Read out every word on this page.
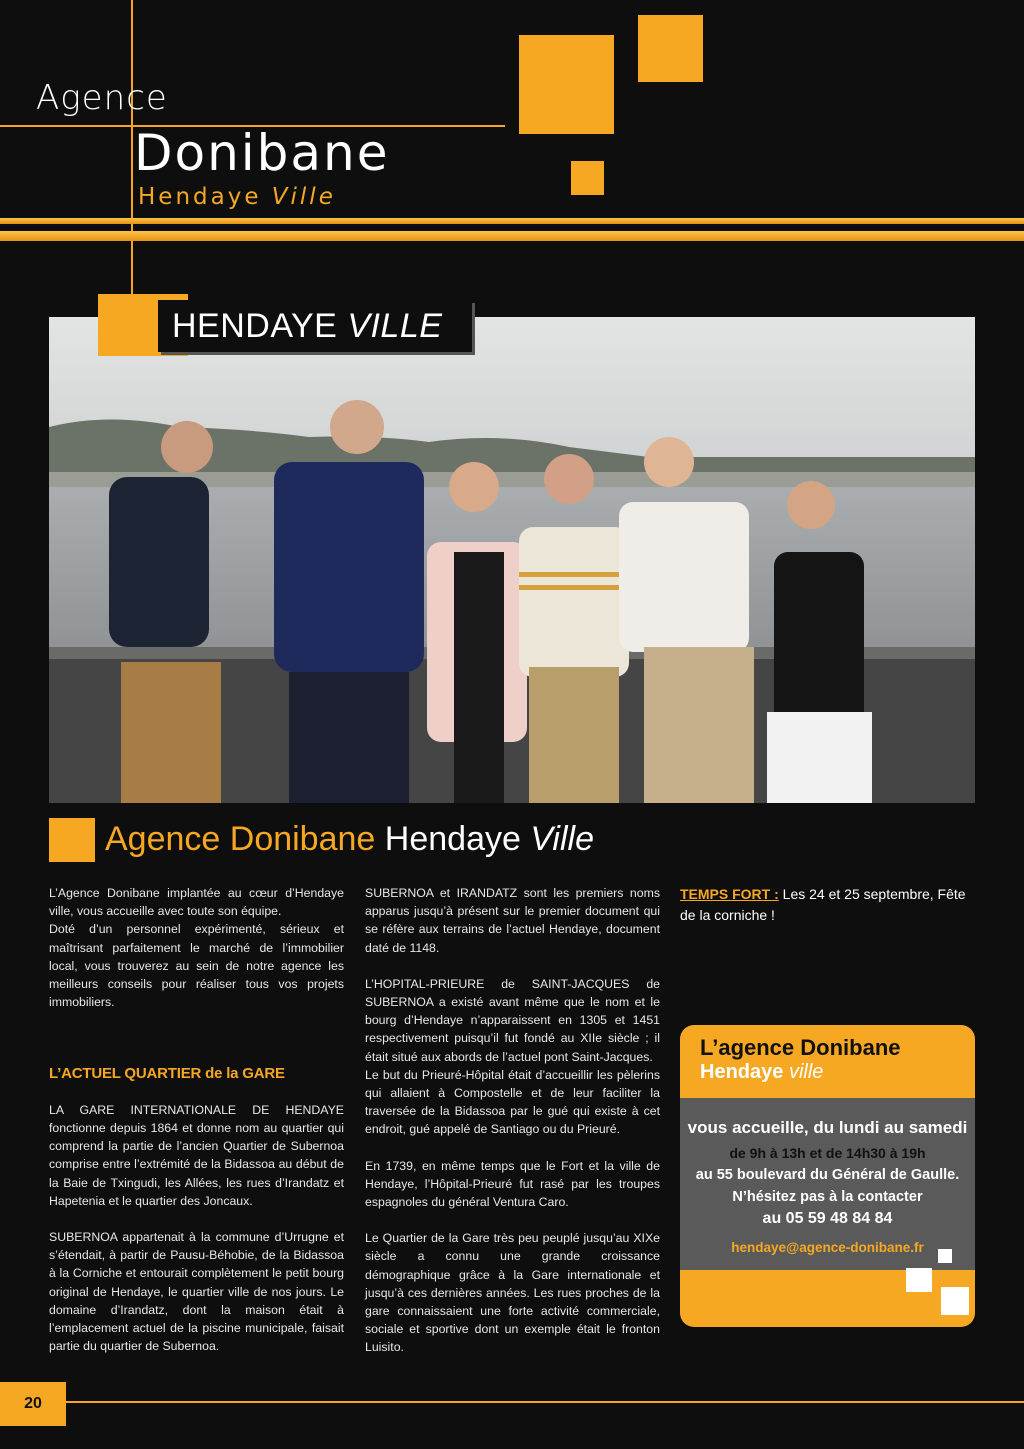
Agence
Donibane
Hendaye Ville
HENDAYE
VILLE
Agence Donibane Hendaye Ville

L’Agence Donibane implantée au cœur d’Hendaye ville, vous accueille avec toute son équipe.

Doté d’un personnel expérimenté, sérieux et maîtrisant parfaitement le marché de l’immobilier local, vous trouverez au sein de notre agence les meilleurs conseils pour réaliser tous vos projets immobiliers.

L’ACTUEL QUARTIER de la GARE

LA GARE INTERNATIONALE DE HENDAYE fonctionne depuis 1864 et donne nom au quartier qui comprend la partie de l’ancien Quartier de Subernoa comprise entre l’extrémité de la Bidassoa au début de la Baie de Txingudi, les Allées, les rues d’Irandatz et Hapetenia et le quartier des Joncaux.

SUBERNOA appartenait à la commune d’Urrugne et s’étendait, à partir de Pausu-Béhobie, de la Bidassoa à la Corniche et entourait complètement le petit bourg original de Hendaye, le quartier ville de nos jours. Le domaine d’Irandatz, dont la maison était à l’emplacement actuel de la piscine municipale, faisait partie du quartier de Subernoa.

SUBERNOA et IRANDATZ sont les premiers noms apparus jusqu’à présent sur le premier document qui se réfère aux terrains de l’actuel Hendaye, document daté de 1148.

L’HOPITAL-PRIEURE de SAINT-JACQUES de SUBERNOA a existé avant même que le nom et le bourg d’Hendaye n’apparaissent en 1305 et 1451 respectivement puisqu’il fut fondé au XIIe siècle ; il était situé aux abords de l’actuel pont Saint-Jacques.

Le but du Prieuré-Hôpital était d’accueillir les pèlerins qui allaient à Compostelle et de leur faciliter la traversée de la Bidassoa par le gué qui existe à cet endroit, gué appelé de Santiago ou du Prieuré.

En 1739, en même temps que le Fort et la ville de Hendaye, l’Hôpital-Prieuré fut rasé par les troupes espagnoles du général Ventura Caro.

Le Quartier de la Gare très peu peuplé jusqu’au XIXe siècle a connu une grande croissance démographique grâce à la Gare internationale et jusqu’à ces dernières années. Les rues proches de la gare connaissaient une forte activité commerciale, sociale et sportive dont un exemple était le fronton Luisito.

TEMPS FORT : Les 24 et 25 septembre, Fête de la corniche !
L’agence Donibane
Hendaye ville
vous accueille, du lundi au samedi
de 9h à 13h et de 14h30 à 19h
au 55 boulevard du Général de Gaulle.
N’hésitez pas à la contacter
au 05 59 48 84 84
hendaye@agence-donibane.fr
20
